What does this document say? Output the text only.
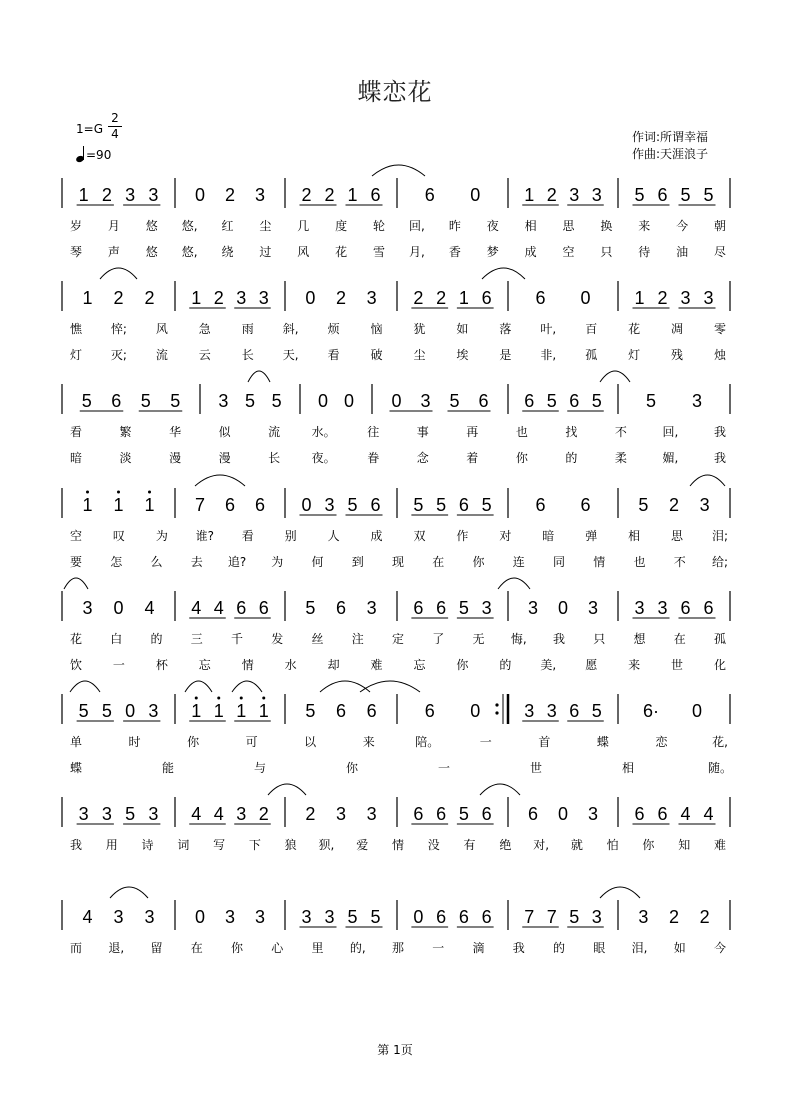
蝶恋花
1=G
2
4
=90
作词:所谓幸福
作曲:天涯浪子
1 2 3 3 0 2 3 2 2 1 6 6 0 1 2 3 3 5 6 5 5
岁 月 悠 悠, 红 尘 几 度 轮 回, 昨 夜 相 思 换 来 今 朝
琴 声 悠 悠, 绕 过 风 花 雪 月, 香 梦 成 空 只 待 油 尽
1 2 2 1 2 3 3 0 2 3 2 2 1 6 6 0 1 2 3 3
憔 悴; 风	急	雨 斜, 烦	恼	犹	如	落 叶, 百	花	凋	零
灯 灭; 流	云	长 天, 看	破	尘	埃	是 非, 孤	灯	残	烛
5 6 5 5 3 5 5 0 0 0 3 5 6 6 5 6 5 5 3
看	繁	华	似	流	水。	往	事	再	也	找	不	回,	我
暗	淡	漫	漫	长	夜。	眷	念	着	你	的	柔	媚,	我
1 1 1 7 6 6 0 3 5 6 5 5 6 5 6 6	5 2 3
空	叹	为 谁? 看	别	人	成	双	作	对	暗	弹	相	思 泪;
要 怎 么 去 追? 为 何 到 现 在 你 连 同 情 也 不 给;
3 0 4 4 4 6 6 5 6 3 6 6 5 3 3 0 3 3 3 6 6
花 白 的 三 千 发 丝 注 定 了 无 悔, 我 只 想 在 孤
饮	一	杯	忘	情	水	却	难	忘	你	的 美, 愿	来	世	化
5 5 0 3 1 1 1 1 5 6 6	6 0 3 3 6 5 6· 0
单	时	你	可	以	来	陪。	一	首	蝶	恋	花,
蝶	能	与	你	一	世	相	随。
3 3 5 3 4 4 3 2 2 3 3 6 6 5 6 6 0 3 6 6 4 4
我 用 诗 词 写 下 狼 狈, 爱 情 没 有 绝 对, 就 怕 你 知 难
4 3 3 0 3 3 3 3 5 5 0 6 6 6 7 7 5 3 3 2 2
而 退, 留 在 你 心 里 的, 那 一 滴 我 的 眼 泪, 如 今
第 1页
